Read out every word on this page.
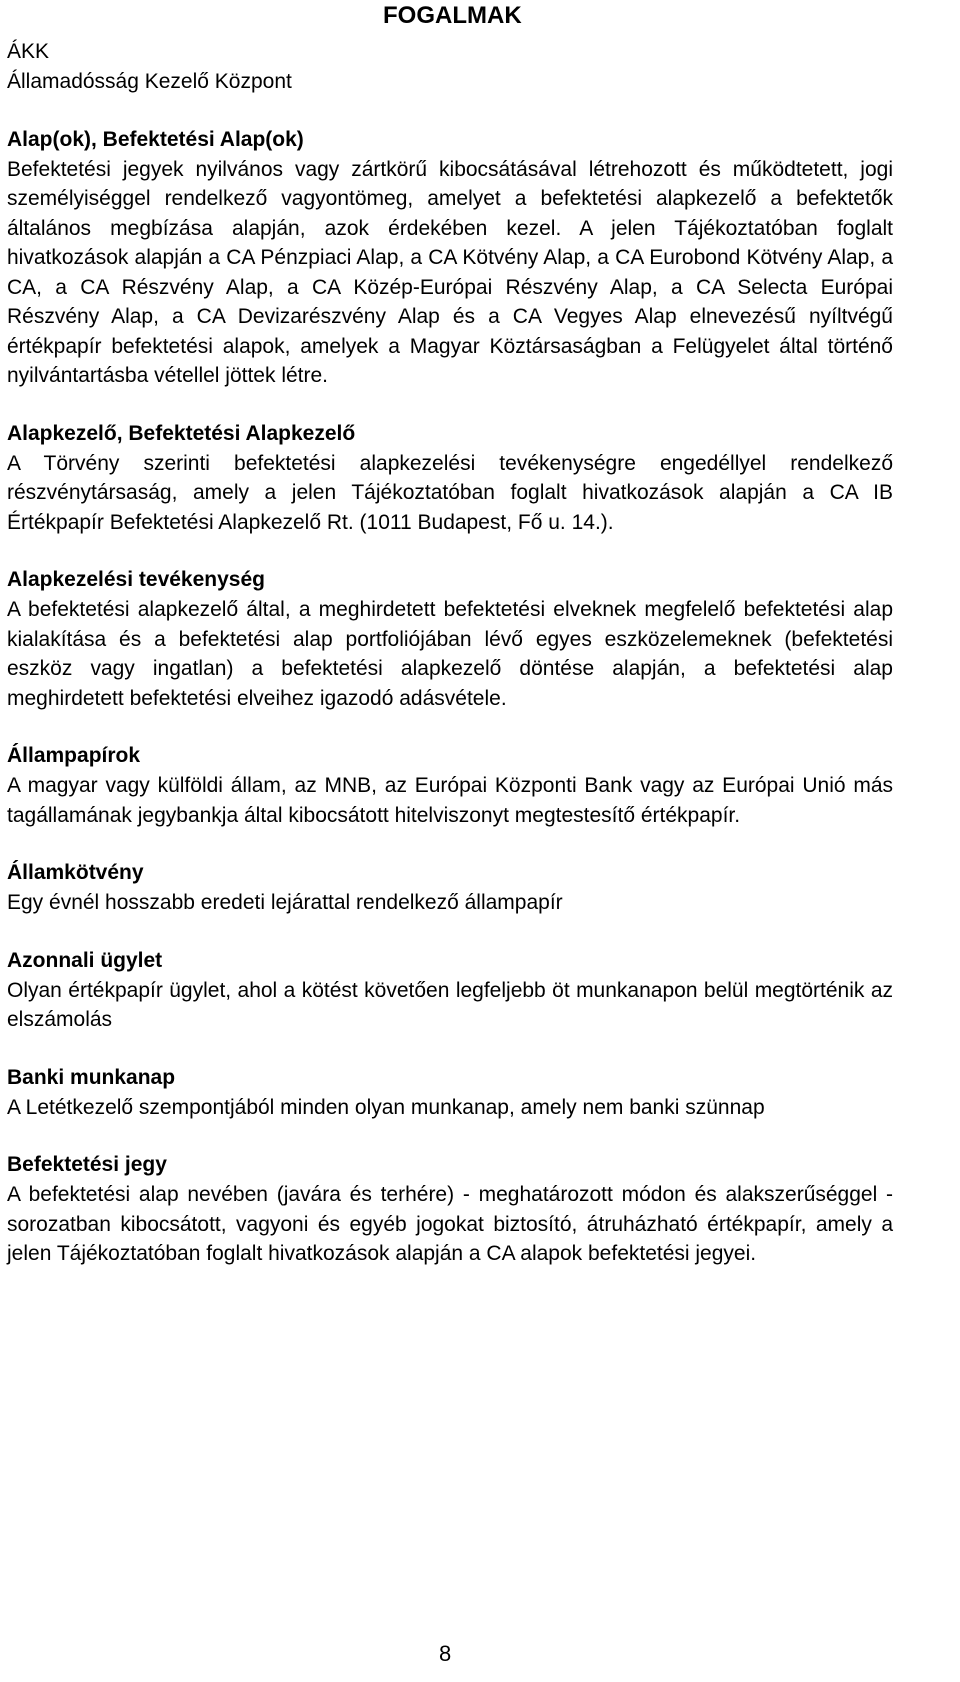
FOGALMAK

ÁKK

Államadósság Kezelő Központ

Alap(ok), Befektetési Alap(ok)

Befektetési jegyek nyilvános vagy zártkörű kibocsátásával létrehozott és működtetett, jogi személyiséggel rendelkező vagyontömeg, amelyet a befektetési alapkezelő a befektetők általános megbízása alapján, azok érdekében kezel. A jelen Tájékoztatóban foglalt hivatkozások alapján a CA Pénzpiaci Alap, a CA Kötvény Alap, a CA Eurobond Kötvény Alap, a CA, a CA Részvény Alap, a CA Közép-Európai Részvény Alap, a CA Selecta Európai Részvény Alap, a CA Devizarészvény Alap és a CA Vegyes Alap elnevezésű nyíltvégű értékpapír befektetési alapok, amelyek a Magyar Köztársaságban a Felügyelet által történő nyilvántartásba vétellel jöttek létre.

Alapkezelő, Befektetési Alapkezelő

A Törvény szerinti befektetési alapkezelési tevékenységre engedéllyel rendelkező részvénytársaság, amely a jelen Tájékoztatóban foglalt hivatkozások alapján a CA IB Értékpapír Befektetési Alapkezelő Rt. (1011 Budapest, Fő u. 14.).

Alapkezelési tevékenység

A befektetési alapkezelő által, a meghirdetett befektetési elveknek megfelelő befektetési alap kialakítása és a befektetési alap portfoliójában lévő egyes eszközelemeknek (befektetési eszköz vagy ingatlan) a befektetési alapkezelő döntése alapján, a befektetési alap meghirdetett befektetési elveihez igazodó adásvétele.

Állampapírok

A magyar vagy külföldi állam, az MNB, az Európai Központi Bank vagy az Európai Unió más tagállamának jegybankja által kibocsátott hitelviszonyt megtestesítő értékpapír.

Államkötvény

Egy évnél hosszabb eredeti lejárattal rendelkező állampapír

Azonnali ügylet

Olyan értékpapír ügylet, ahol a kötést követően legfeljebb öt munkanapon belül megtörténik az elszámolás

Banki munkanap

A Letétkezelő szempontjából minden olyan munkanap, amely nem banki szünnap

Befektetési jegy

A befektetési alap nevében (javára és terhére) - meghatározott módon és alakszerűséggel - sorozatban kibocsátott, vagyoni és egyéb jogokat biztosító, átruházható értékpapír, amely a jelen Tájékoztatóban foglalt hivatkozások alapján a CA alapok befektetési jegyei.

8
